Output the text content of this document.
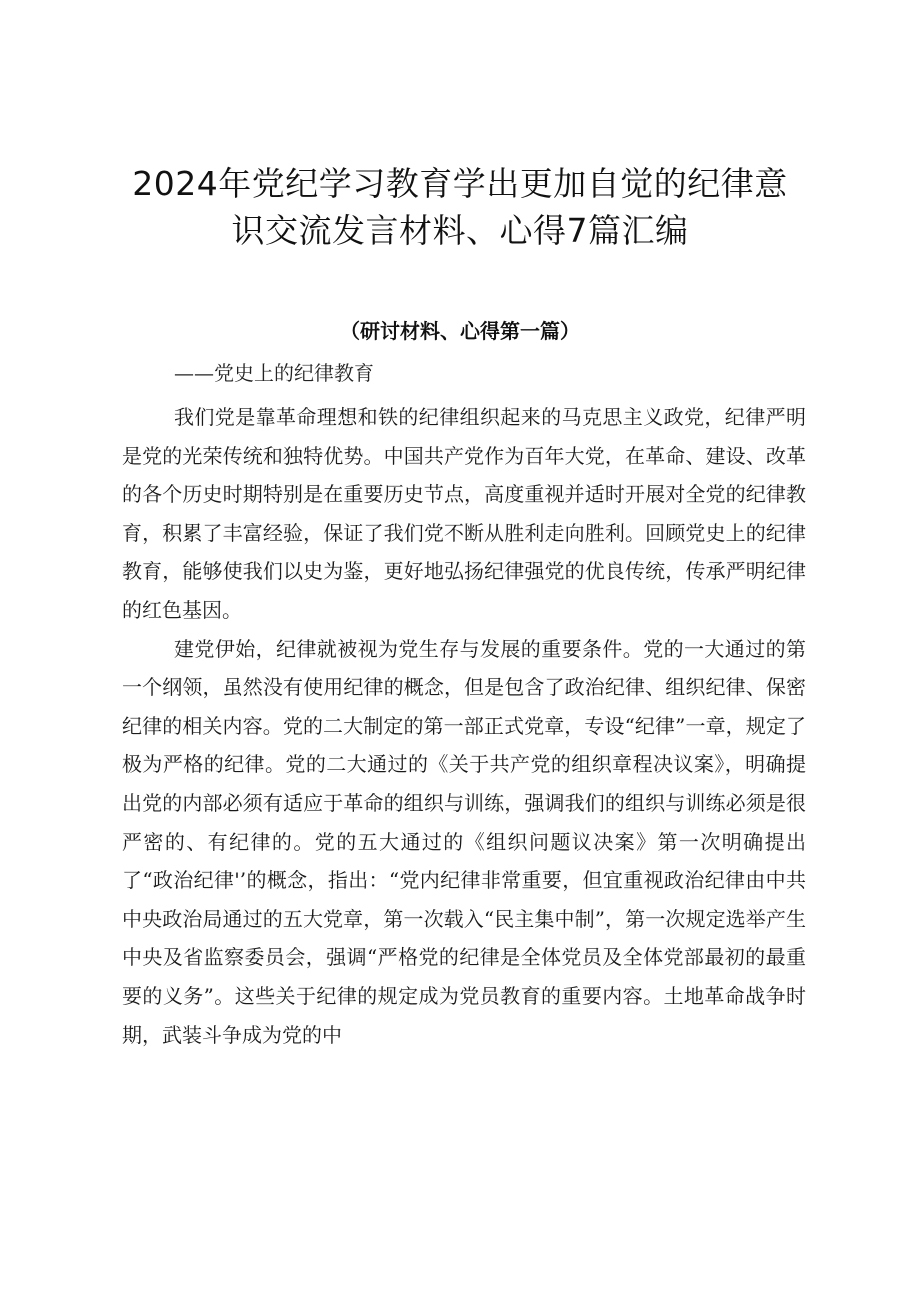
2024年党纪学习教育学出更加自觉的纪律意
识交流发言材料、心得7篇汇编
（研讨材料、心得第一篇）
——党史上的纪律教育

我们党是靠革命理想和铁的纪律组织起来的马克思主义政党，纪律严明是党的光荣传统和独特优势。中国共产党作为百年大党，在革命、建设、改革的各个历史时期特别是在重要历史节点，高度重视并适时开展对全党的纪律教育，积累了丰富经验，保证了我们党不断从胜利走向胜利。回顾党史上的纪律教育，能够使我们以史为鉴，更好地弘扬纪律强党的优良传统，传承严明纪律的红色基因。

建党伊始，纪律就被视为党生存与发展的重要条件。党的一大通过的第一个纲领，虽然没有使用纪律的概念，但是包含了政治纪律、组织纪律、保密纪律的相关内容。党的二大制定的第一部正式党章，专设“纪律”一章，规定了极为严格的纪律。党的二大通过的《关于共产党的组织章程决议案》，明确提出党的内部必须有适应于革命的组织与训练，强调我们的组织与训练必须是很严密的、有纪律的。党的五大通过的《组织问题议决案》第一次明确提出了“政治纪律'’的概念，指出：“党内纪律非常重要，但宜重视政治纪律由中共中央政治局通过的五大党章，第一次载入“民主集中制”，第一次规定选举产生中央及省监察委员会，强调“严格党的纪律是全体党员及全体党部最初的最重要的义务”。这些关于纪律的规定成为党员教育的重要内容。土地革命战争时期，武装斗争成为党的中
